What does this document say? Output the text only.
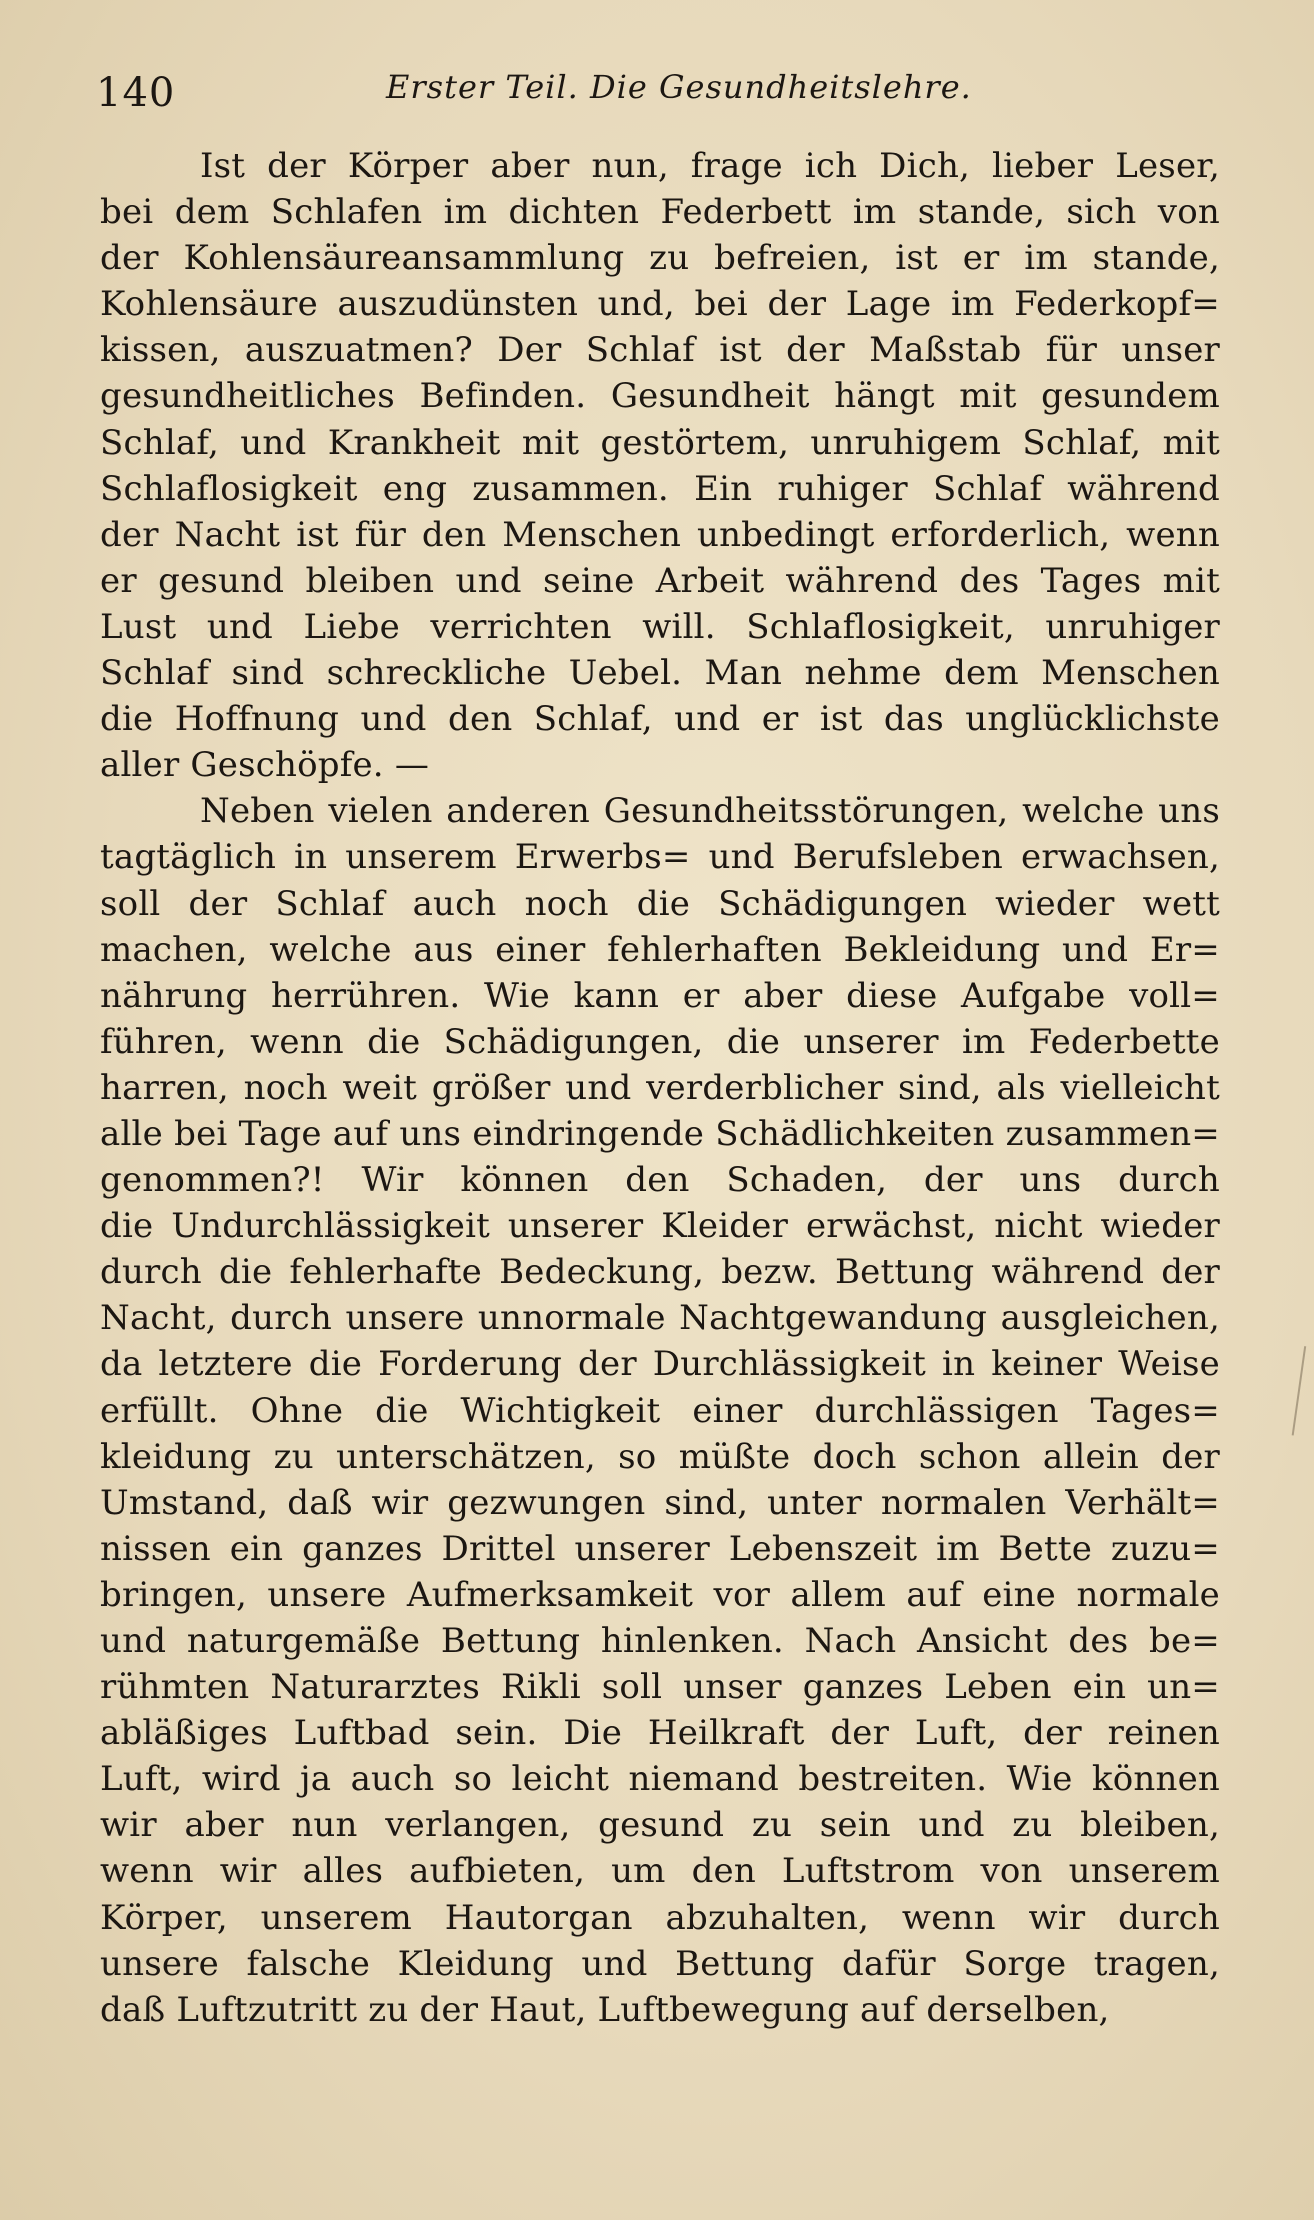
140	Erster Teil. Die Gesundheitslehre.
Ist der Körper aber nun, frage ich Dich, lieber Leser,
bei dem Schlafen im dichten Federbett im stande, sich von
der Kohlensäureansammlung zu befreien, ist er im stande,
Kohlensäure auszudünsten und, bei der Lage im Federkopf=
kissen, auszuatmen? Der Schlaf ist der Maßstab für unser
gesundheitliches Befinden. Gesundheit hängt mit gesundem
Schlaf, und Krankheit mit gestörtem, unruhigem Schlaf, mit
Schlaflosigkeit eng zusammen. Ein ruhiger Schlaf während
der Nacht ist für den Menschen unbedingt erforderlich, wenn
er gesund bleiben und seine Arbeit während des Tages mit
Lust und Liebe verrichten will. Schlaflosigkeit, unruhiger
Schlaf sind schreckliche Uebel. Man nehme dem Menschen
die Hoffnung und den Schlaf, und er ist das unglücklichste
aller Geschöpfe. —
Neben vielen anderen Gesundheitsstörungen, welche uns
tagtäglich in unserem Erwerbs= und Berufsleben erwachsen,
soll der Schlaf auch noch die Schädigungen wieder wett
machen, welche aus einer fehlerhaften Bekleidung und Er=
nährung herrühren. Wie kann er aber diese Aufgabe voll=
führen, wenn die Schädigungen, die unserer im Federbette
harren, noch weit größer und verderblicher sind, als vielleicht
alle bei Tage auf uns eindringende Schädlichkeiten zusammen=
genommen?! Wir können den Schaden, der uns durch
die Undurchlässigkeit unserer Kleider erwächst, nicht wieder
durch die fehlerhafte Bedeckung, bezw. Bettung während der
Nacht, durch unsere unnormale Nachtgewandung ausgleichen,
da letztere die Forderung der Durchlässigkeit in keiner Weise
erfüllt. Ohne die Wichtigkeit einer durchlässigen Tages=
kleidung zu unterschätzen, so müßte doch schon allein der
Umstand, daß wir gezwungen sind, unter normalen Verhält=
nissen ein ganzes Drittel unserer Lebenszeit im Bette zuzu=
bringen, unsere Aufmerksamkeit vor allem auf eine normale
und naturgemäße Bettung hinlenken. Nach Ansicht des be=
rühmten Naturarztes Rikli soll unser ganzes Leben ein un=
abläßiges Luftbad sein. Die Heilkraft der Luft, der reinen
Luft, wird ja auch so leicht niemand bestreiten. Wie können
wir aber nun verlangen, gesund zu sein und zu bleiben,
wenn wir alles aufbieten, um den Luftstrom von unserem
Körper, unserem Hautorgan abzuhalten, wenn wir durch
unsere falsche Kleidung und Bettung dafür Sorge tragen,
daß Luftzutritt zu der Haut, Luftbewegung auf derselben,
